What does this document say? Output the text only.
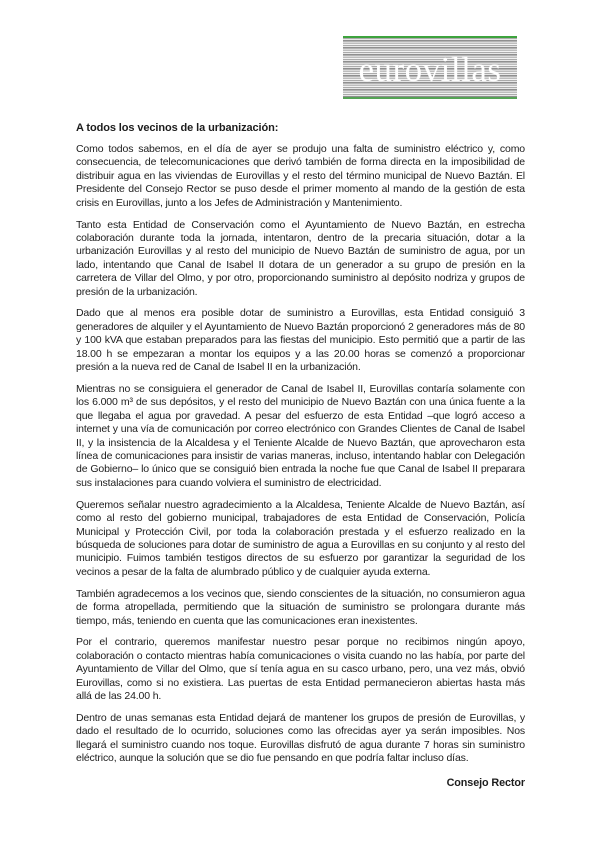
eurovillas
A todos los vecinos de la urbanización:

Como todos sabemos, en el día de ayer se produjo una falta de suministro eléctrico y, como consecuencia, de telecomunicaciones que derivó también de forma directa en la imposibilidad de distribuir agua en las viviendas de Eurovillas y el resto del término municipal de Nuevo Baztán. El Presidente del Consejo Rector se puso desde el primer momento al mando de la gestión de esta crisis en Eurovillas, junto a los Jefes de Administración y Mantenimiento.

Tanto esta Entidad de Conservación como el Ayuntamiento de Nuevo Baztán, en estrecha colaboración durante toda la jornada, intentaron, dentro de la precaria situación, dotar a la urbanización Eurovillas y al resto del municipio de Nuevo Baztán de suministro de agua, por un lado, intentando que Canal de Isabel II dotara de un generador a su grupo de presión en la carretera de Villar del Olmo, y por otro, proporcionando suministro al depósito nodriza y grupos de presión de la urbanización.

Dado que al menos era posible dotar de suministro a Eurovillas, esta Entidad consiguió 3 generadores de alquiler y el Ayuntamiento de Nuevo Baztán proporcionó 2 generadores más de 80 y 100 kVA que estaban preparados para las fiestas del municipio. Esto permitió que a partir de las 18.00 h se empezaran a montar los equipos y a las 20.00 horas se comenzó a proporcionar presión a la nueva red de Canal de Isabel II en la urbanización.

Mientras no se consiguiera el generador de Canal de Isabel II, Eurovillas contaría solamente con los 6.000 m³ de sus depósitos, y el resto del municipio de Nuevo Baztán con una única fuente a la que llegaba el agua por gravedad. A pesar del esfuerzo de esta Entidad –que logró acceso a internet y una vía de comunicación por correo electrónico con Grandes Clientes de Canal de Isabel II, y la insistencia de la Alcaldesa y el Teniente Alcalde de Nuevo Baztán, que aprovecharon esta línea de comunicaciones para insistir de varias maneras, incluso, intentando hablar con Delegación de Gobierno– lo único que se consiguió bien entrada la noche fue que Canal de Isabel II preparara sus instalaciones para cuando volviera el suministro de electricidad.

Queremos señalar nuestro agradecimiento a la Alcaldesa, Teniente Alcalde de Nuevo Baztán, así como al resto del gobierno municipal, trabajadores de esta Entidad de Conservación, Policía Municipal y Protección Civil, por toda la colaboración prestada y el esfuerzo realizado en la búsqueda de soluciones para dotar de suministro de agua a Eurovillas en su conjunto y al resto del municipio. Fuimos también testigos directos de su esfuerzo por garantizar la seguridad de los vecinos a pesar de la falta de alumbrado público y de cualquier ayuda externa.

También agradecemos a los vecinos que, siendo conscientes de la situación, no consumieron agua de forma atropellada, permitiendo que la situación de suministro se prolongara durante más tiempo, más, teniendo en cuenta que las comunicaciones eran inexistentes.

Por el contrario, queremos manifestar nuestro pesar porque no recibimos ningún apoyo, colaboración o contacto mientras había comunicaciones o visita cuando no las había, por parte del Ayuntamiento de Villar del Olmo, que sí tenía agua en su casco urbano, pero, una vez más, obvió Eurovillas, como si no existiera. Las puertas de esta Entidad permanecieron abiertas hasta más allá de las 24.00 h.

Dentro de unas semanas esta Entidad dejará de mantener los grupos de presión de Eurovillas, y dado el resultado de lo ocurrido, soluciones como las ofrecidas ayer ya serán imposibles. Nos llegará el suministro cuando nos toque. Eurovillas disfrutó de agua durante 7 horas sin suministro eléctrico, aunque la solución que se dio fue pensando en que podría faltar incluso días.

Consejo Rector
